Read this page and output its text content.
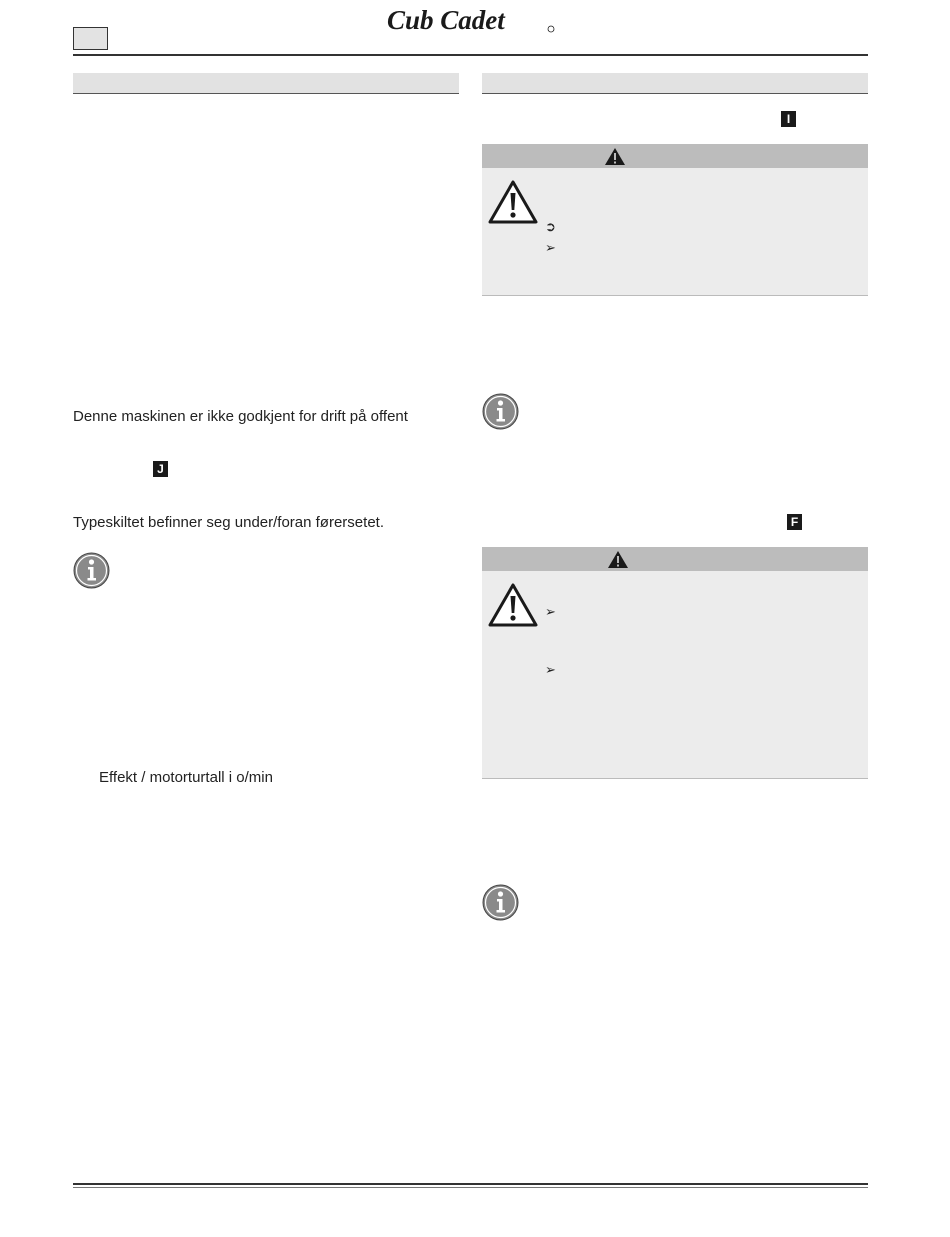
Cub Cadet
Denne maskinen er ikke godkjent for drift på offent
J
Typeskiltet befinner seg under/foran førersetet.
Effekt / motorturtall i o/min
I
➲
➢
F
➢
➢
